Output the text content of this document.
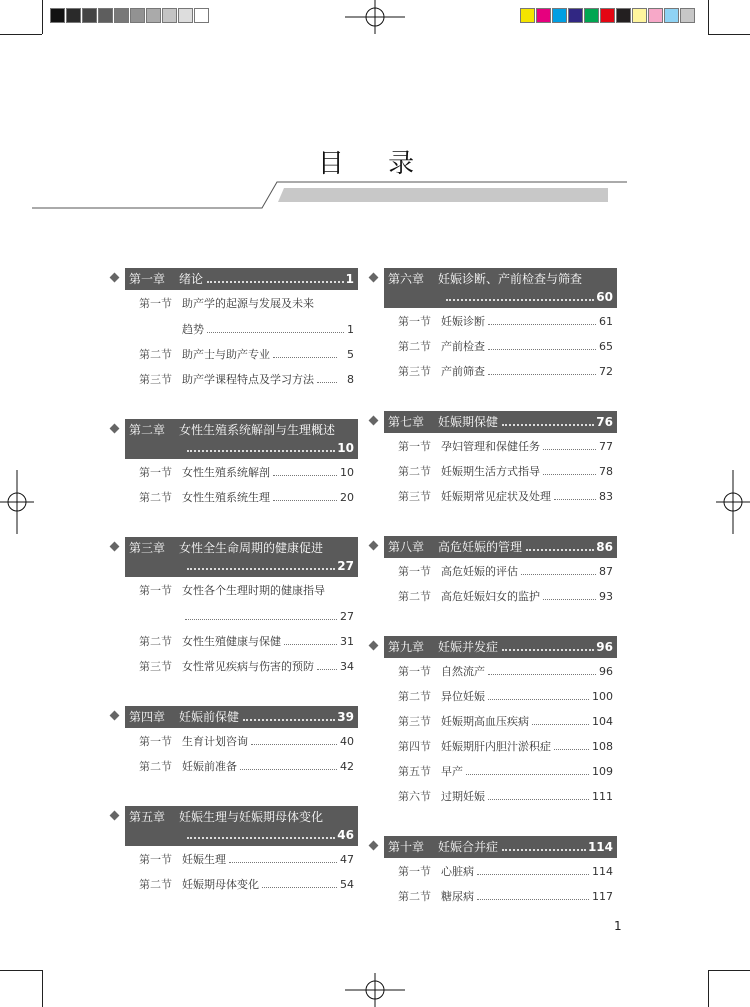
目 录
第一章	绪论	1
第一节 助产学的起源与发展及未来
趋势	1
第二节 助产士与助产专业	5
第三节 助产学课程特点及学习方法	8
第二章	女性生殖系统解剖与生理概述
10
第一节 女性生殖系统解剖	10
第二节 女性生殖系统生理	20
第三章	女性全生命周期的健康促进
27
第一节 女性各个生理时期的健康指导
27
第二节 女性生殖健康与保健	31
第三节 女性常见疾病与伤害的预防 34
第四章	妊娠前保健	39
第一节 生育计划咨询	40
第二节 妊娠前准备	42
第五章	妊娠生理与妊娠期母体变化
46
第一节 妊娠生理	47
第二节 妊娠期母体变化	54
第六章	妊娠诊断、产前检查与筛查
60
第一节 妊娠诊断	61
第二节 产前检查	65
第三节 产前筛查	72
第七章	妊娠期保健	76
第一节 孕妇管理和保健任务	77
第二节 妊娠期生活方式指导	78
第三节 妊娠期常见症状及处理	83
第八章	高危妊娠的管理	86
第一节 高危妊娠的评估	87
第二节 高危妊娠妇女的监护	93
第九章	妊娠并发症	96
第一节 自然流产	96
第二节 异位妊娠	100
第三节 妊娠期高血压疾病	104
第四节 妊娠期肝内胆汁淤积症	108
第五节 早产	109
第六节 过期妊娠	111
第十章	妊娠合并症	114
第一节 心脏病	114
第二节 糖尿病	117
1
